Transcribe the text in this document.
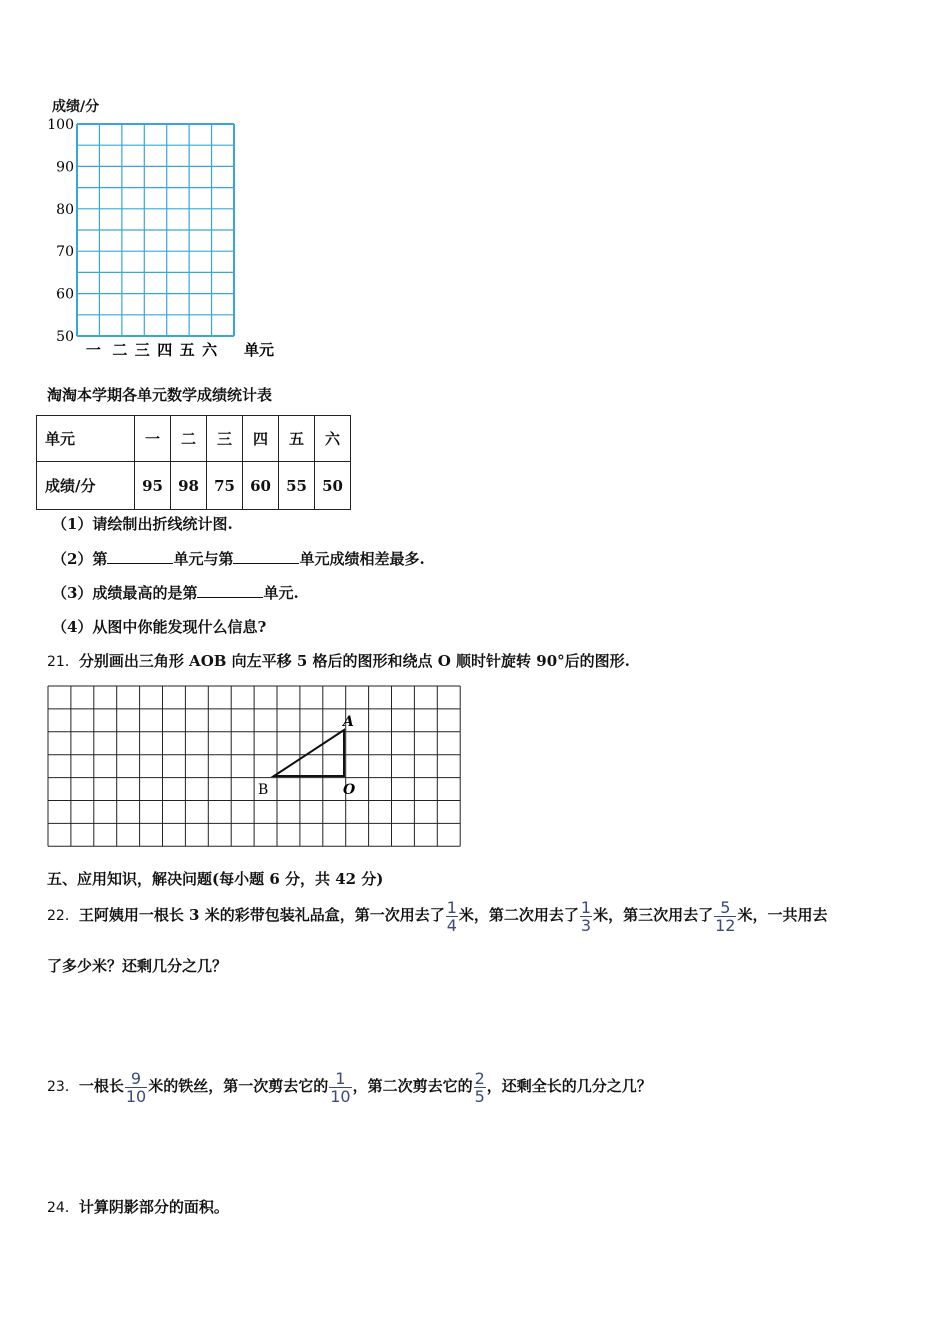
成绩/分
100
90
80
70
60
50
一 二 三 四 五 六 单元
淘淘本学期各单元数学成绩统计表
单元	一	二	三	四	五	六
成绩/分	95	98	75	60	55	50
（1）请绘制出折线统计图.
（2）第	单元与第	单元成绩相差最多.
（3）成绩最高的是第	单元.
（4）从图中你能发现什么信息?
21．分别画出三角形 AOB 向左平移 5 格后的图形和绕点 O 顺时针旋转 90°后的图形.
A
B	O
五、应用知识，解决问题(每小题 6 分，共 42 分)
22．王阿姨用一根长 3 米的彩带包装礼品盒，第一次用去了 $\frac{1}{4}$ 米，第二次用去了 $\frac{1}{3}$ 米，第三次用去了 $\frac{5}{12}$ 米，一共用去
了多少米？还剩几分之几？
23．一根长 $\frac{9}{10}$ 米的铁丝，第一次剪去它的 $\frac{1}{10}$ ，第二次剪去它的 $\frac{2}{5}$ ，还剩全长的几分之几？
24．计算阴影部分的面积。
